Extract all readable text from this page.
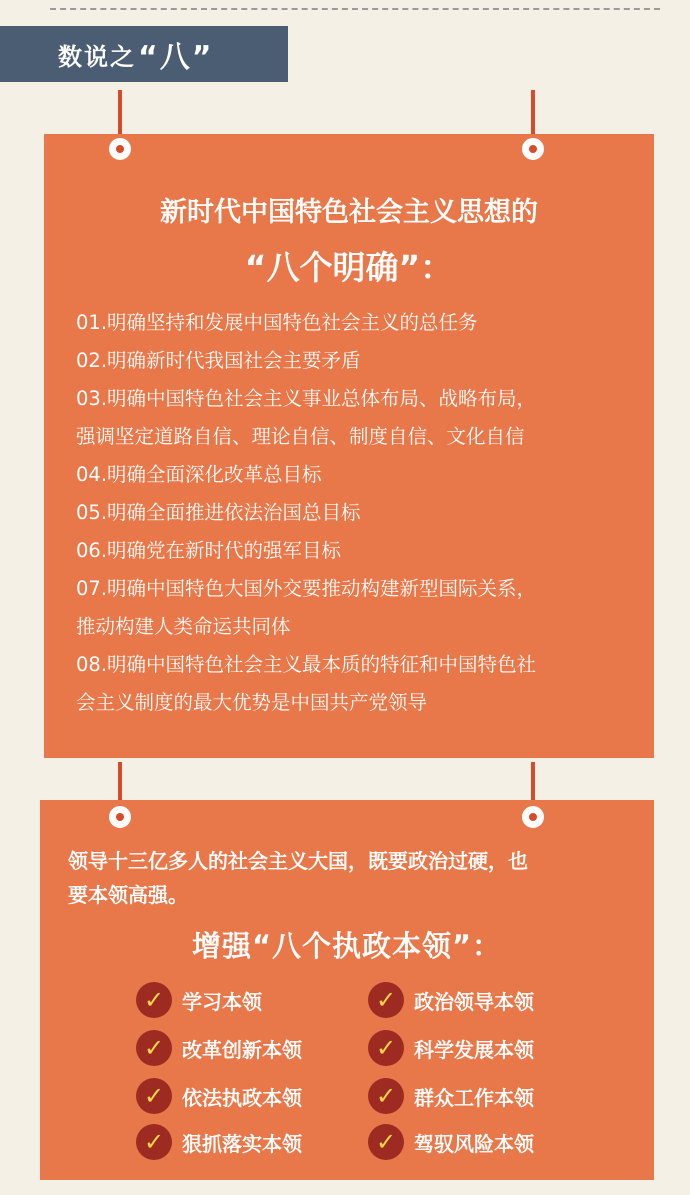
数说之 “八”
新时代中国特色社会主义思想的
“八个明确”：
01.明确坚持和发展中国特色社会主义的总任务
02.明确新时代我国社会主要矛盾
03.明确中国特色社会主义事业总体布局、战略布局，
强调坚定道路自信、理论自信、制度自信、文化自信
04.明确全面深化改革总目标
05.明确全面推进依法治国总目标
06.明确党在新时代的强军目标
07.明确中国特色大国外交要推动构建新型国际关系，
推动构建人类命运共同体
08.明确中国特色社会主义最本质的特征和中国特色社
会主义制度的最大优势是中国共产党领导
领导十三亿多人的社会主义大国，既要政治过硬，也
要本领高强。
增强“八个执政本领”：
✓ 学习本领	✓ 政治领导本领
✓ 改革创新本领	✓ 科学发展本领
✓ 依法执政本领	✓ 群众工作本领
✓ 狠抓落实本领	✓ 驾驭风险本领
